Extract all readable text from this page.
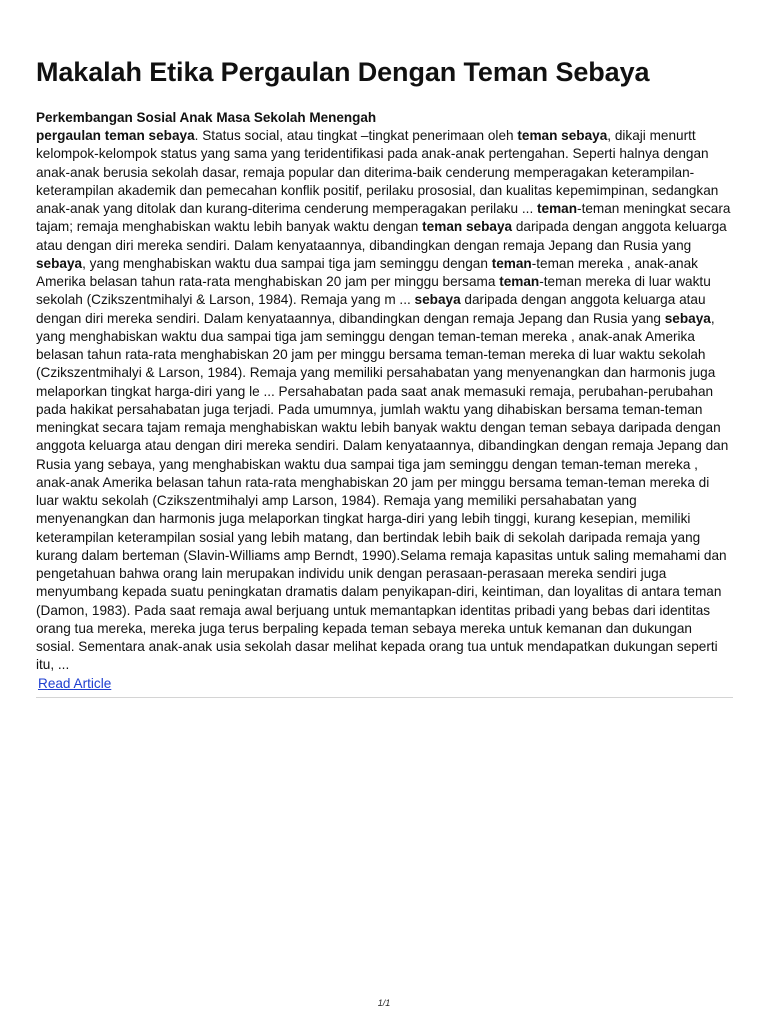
Makalah Etika Pergaulan Dengan Teman Sebaya
Perkembangan Sosial Anak Masa Sekolah Menengah

pergaulan teman sebaya. Status social, atau tingkat –tingkat penerimaan oleh teman sebaya, dikaji menurtt kelompok-kelompok status yang sama yang teridentifikasi pada anak-anak pertengahan. Seperti halnya dengan anak-anak berusia sekolah dasar, remaja popular dan diterima-baik cenderung memperagakan keterampilan-keterampilan akademik dan pemecahan konflik positif, perilaku prososial, dan kualitas kepemimpinan, sedangkan anak-anak yang ditolak dan kurang-diterima cenderung memperagakan perilaku ... teman-teman meningkat secara tajam; remaja menghabiskan waktu lebih banyak waktu dengan teman sebaya daripada dengan anggota keluarga atau dengan diri mereka sendiri. Dalam kenyataannya, dibandingkan dengan remaja Jepang dan Rusia yang sebaya, yang menghabiskan waktu dua sampai tiga jam seminggu dengan teman-teman mereka , anak-anak Amerika belasan tahun rata-rata menghabiskan 20 jam per minggu bersama teman-teman mereka di luar waktu sekolah (Czikszentmihalyi & Larson, 1984). Remaja yang m ... sebaya daripada dengan anggota keluarga atau dengan diri mereka sendiri. Dalam kenyataannya, dibandingkan dengan remaja Jepang dan Rusia yang sebaya, yang menghabiskan waktu dua sampai tiga jam seminggu dengan teman-teman mereka , anak-anak Amerika belasan tahun rata-rata menghabiskan 20 jam per minggu bersama teman-teman mereka di luar waktu sekolah (Czikszentmihalyi & Larson, 1984). Remaja yang memiliki persahabatan yang menyenangkan dan harmonis juga melaporkan tingkat harga-diri yang le ... Persahabatan pada saat anak memasuki remaja, perubahan-perubahan pada hakikat persahabatan juga terjadi. Pada umumnya, jumlah waktu yang dihabiskan bersama teman-teman meningkat secara tajam remaja menghabiskan waktu lebih banyak waktu dengan teman sebaya daripada dengan anggota keluarga atau dengan diri mereka sendiri. Dalam kenyataannya, dibandingkan dengan remaja Jepang dan Rusia yang sebaya, yang menghabiskan waktu dua sampai tiga jam seminggu dengan teman-teman mereka , anak-anak Amerika belasan tahun rata-rata menghabiskan 20 jam per minggu bersama teman-teman mereka di luar waktu sekolah (Czikszentmihalyi amp Larson, 1984). Remaja yang memiliki persahabatan yang menyenangkan dan harmonis juga melaporkan tingkat harga-diri yang lebih tinggi, kurang kesepian, memiliki keterampilan keterampilan sosial yang lebih matang, dan bertindak lebih baik di sekolah daripada remaja yang kurang dalam berteman (Slavin-Williams amp Berndt, 1990).Selama remaja kapasitas untuk saling memahami dan pengetahuan bahwa orang lain merupakan individu unik dengan perasaan-perasaan mereka sendiri juga menyumbang kepada suatu peningkatan dramatis dalam penyikapan-diri, keintiman, dan loyalitas di antara teman (Damon, 1983). Pada saat remaja awal berjuang untuk memantapkan identitas pribadi yang bebas dari identitas orang tua mereka, mereka juga terus berpaling kepada teman sebaya mereka untuk kemanan dan dukungan sosial. Sementara anak-anak usia sekolah dasar melihat kepada orang tua untuk mendapatkan dukungan seperti itu, ...

Read Article
1/1
